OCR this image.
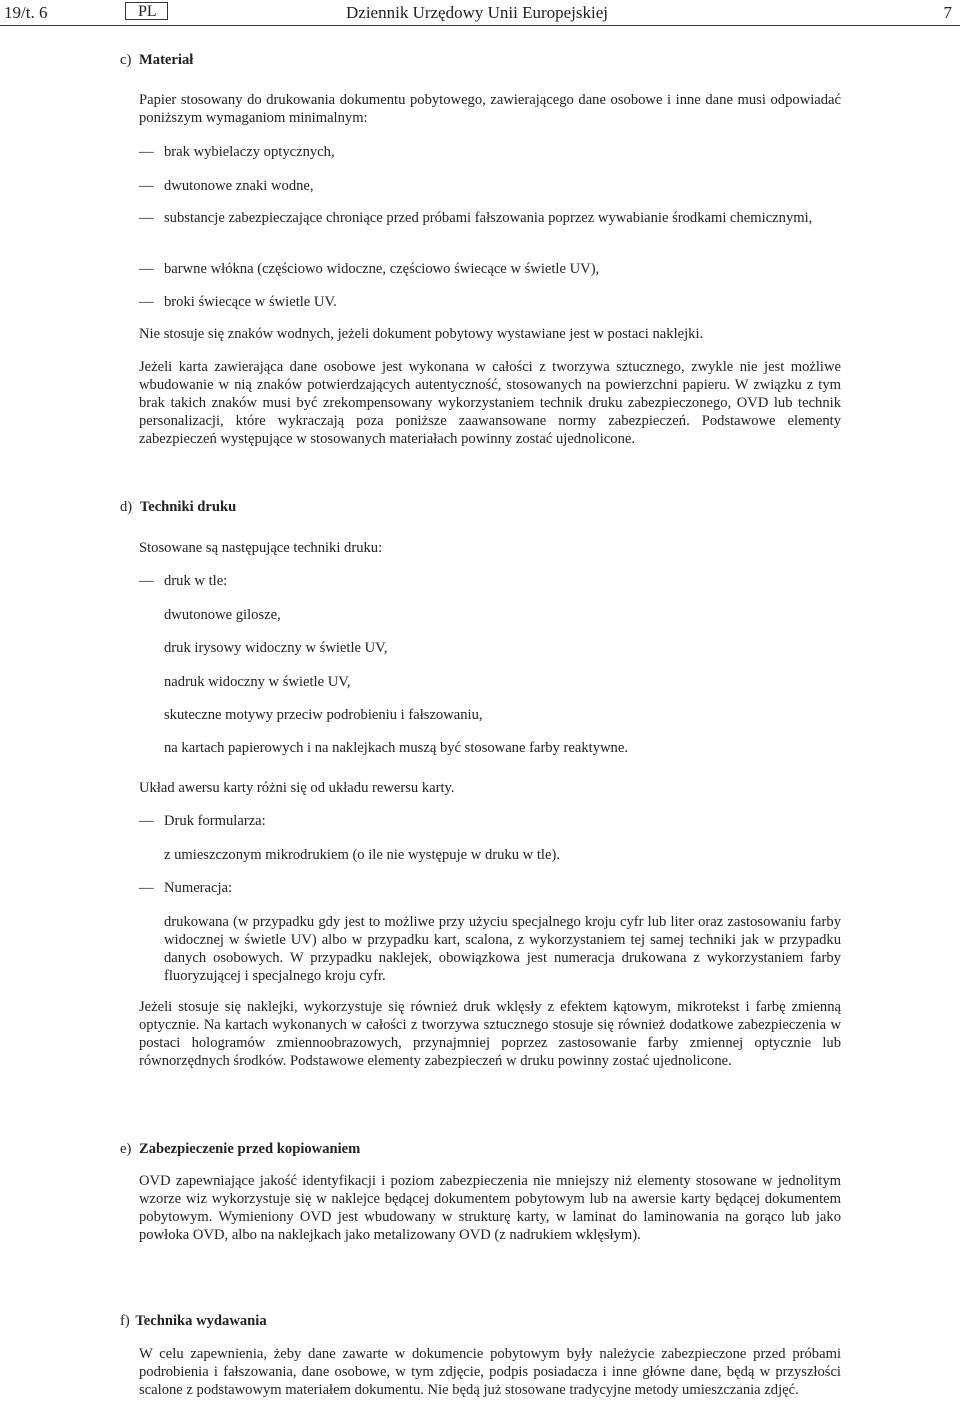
19/t. 6	PL	Dziennik Urzędowy Unii Europejskiej	7
c) Materiał

Papier stosowany do drukowania dokumentu pobytowego, zawierającego dane osobowe i inne dane musi odpowiadać poniższym wymaganiom minimalnym:

— brak wybielaczy optycznych,

— dwutonowe znaki wodne,

— substancje zabezpieczające chroniące przed próbami fałszowania poprzez wywabianie środkami chemicznymi,

— barwne włókna (częściowo widoczne, częściowo świecące w świetle UV),

— broki świecące w świetle UV.

Nie stosuje się znaków wodnych, jeżeli dokument pobytowy wystawiane jest w postaci naklejki.

Jeżeli karta zawierająca dane osobowe jest wykonana w całości z tworzywa sztucznego, zwykle nie jest możliwe wbudowanie w nią znaków potwierdzających autentyczność, stosowanych na powierzchni papieru. W związku z tym brak takich znaków musi być zrekompensowany wykorzystaniem technik druku zabezpieczonego, OVD lub technik personalizacji, które wykraczają poza poniższe zaawansowane normy zabezpieczeń. Podstawowe elementy zabezpieczeń występujące w stosowanych materiałach powinny zostać ujednolicone.

d) Techniki druku

Stosowane są następujące techniki druku:

— druk w tle:

dwutonowe gilosze,

druk irysowy widoczny w świetle UV,

nadruk widoczny w świetle UV,

skuteczne motywy przeciw podrobieniu i fałszowaniu,

na kartach papierowych i na naklejkach muszą być stosowane farby reaktywne.

Układ awersu karty różni się od układu rewersu karty.

— Druk formularza:

z umieszczonym mikrodrukiem (o ile nie występuje w druku w tle).

— Numeracja:

drukowana (w przypadku gdy jest to możliwe przy użyciu specjalnego kroju cyfr lub liter oraz zastosowaniu farby widocznej w świetle UV) albo w przypadku kart, scalona, z wykorzystaniem tej samej techniki jak w przypadku danych osobowych. W przypadku naklejek, obowiązkowa jest numeracja drukowana z wykorzystaniem farby fluoryzującej i specjalnego kroju cyfr.

Jeżeli stosuje się naklejki, wykorzystuje się również druk wklęsły z efektem kątowym, mikrotekst i farbę zmienną optycznie. Na kartach wykonanych w całości z tworzywa sztucznego stosuje się również dodatkowe zabezpieczenia w postaci hologramów zmiennoobrazowych, przynajmniej poprzez zastosowanie farby zmiennej optycznie lub równorzędnych środków. Podstawowe elementy zabezpieczeń w druku powinny zostać ujednolicone.

e) Zabezpieczenie przed kopiowaniem

OVD zapewniające jakość identyfikacji i poziom zabezpieczenia nie mniejszy niż elementy stosowane w jednolitym wzorze wiz wykorzystuje się w naklejce będącej dokumentem pobytowym lub na awersie karty będącej dokumentem pobytowym. Wymieniony OVD jest wbudowany w strukturę karty, w laminat do laminowania na gorąco lub jako powłoka OVD, albo na naklejkach jako metalizowany OVD (z nadrukiem wklęsłym).

f) Technika wydawania

W celu zapewnienia, żeby dane zawarte w dokumencie pobytowym były należycie zabezpieczone przed próbami podrobienia i fałszowania, dane osobowe, w tym zdjęcie, podpis posiadacza i inne główne dane, będą w przyszłości scalone z podstawowym materiałem dokumentu. Nie będą już stosowane tradycyjne metody umieszczania zdjęć.
